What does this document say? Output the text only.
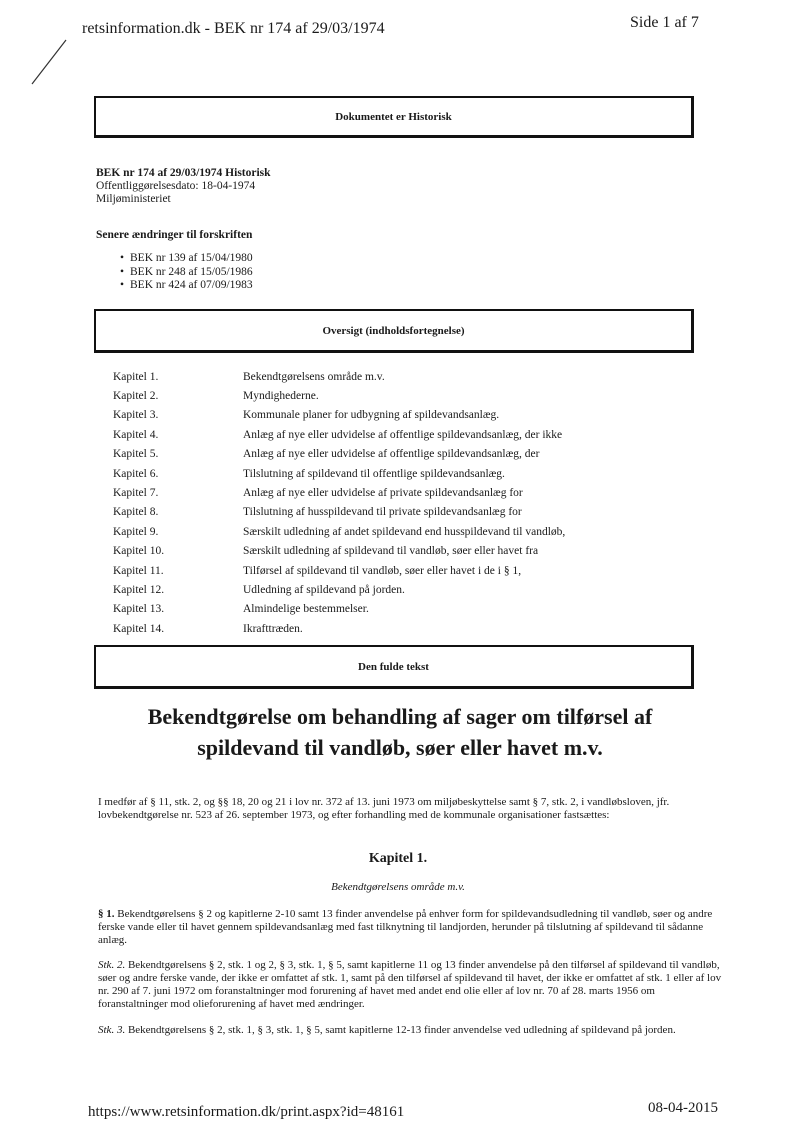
retsinformation.dk - BEK nr 174 af 29/03/1974	Side 1 af 7
Dokumentet er Historisk
BEK nr 174 af 29/03/1974 Historisk
Offentliggørelsesdato: 18-04-1974
Miljøministeriet
Senere ændringer til forskriften
• BEK nr 139 af 15/04/1980
• BEK nr 248 af 15/05/1986
• BEK nr 424 af 07/09/1983
Oversigt (indholdsfortegnelse)
Kapitel 1.	Bekendtgørelsens område m.v.
Kapitel 2.	Myndighederne.
Kapitel 3.	Kommunale planer for udbygning af spildevandsanlæg.
Kapitel 4.	Anlæg af nye eller udvidelse af offentlige spildevandsanlæg, der ikke
Kapitel 5.	Anlæg af nye eller udvidelse af offentlige spildevandsanlæg, der
Kapitel 6.	Tilslutning af spildevand til offentlige spildevandsanlæg.
Kapitel 7.	Anlæg af nye eller udvidelse af private spildevandsanlæg for
Kapitel 8.	Tilslutning af husspildevand til private spildevandsanlæg for
Kapitel 9.	Særskilt udledning af andet spildevand end husspildevand til vandløb,
Kapitel 10.	Særskilt udledning af spildevand til vandløb, søer eller havet fra
Kapitel 11.	Tilførsel af spildevand til vandløb, søer eller havet i de i § 1,
Kapitel 12.	Udledning af spildevand på jorden.
Kapitel 13.	Almindelige bestemmelser.
Kapitel 14.	Ikrafttræden.
Den fulde tekst
Bekendtgørelse om behandling af sager om tilførsel af spildevand til vandløb, søer eller havet m.v.
I medfør af § 11, stk. 2, og §§ 18, 20 og 21 i lov nr. 372 af 13. juni 1973 om miljøbeskyttelse samt § 7, stk. 2, i vandløbsloven, jfr. lovbekendtgørelse nr. 523 af 26. september 1973, og efter forhandling med de kommunale organisationer fastsættes:
Kapitel 1.
Bekendtgørelsens område m.v.
§ 1. Bekendtgørelsens § 2 og kapitlerne 2-10 samt 13 finder anvendelse på enhver form for spildevandsudledning til vandløb, søer og andre ferske vande eller til havet gennem spildevandsanlæg med fast tilknytning til landjorden, herunder på tilslutning af spildevand til sådanne anlæg.
Stk. 2. Bekendtgørelsens § 2, stk. 1 og 2, § 3, stk. 1, § 5, samt kapitlerne 11 og 13 finder anvendelse på den tilførsel af spildevand til vandløb, søer og andre ferske vande, der ikke er omfattet af stk. 1, samt på den tilførsel af spildevand til havet, der ikke er omfattet af stk. 1 eller af lov nr. 290 af 7. juni 1972 om foranstaltninger mod forurening af havet med andet end olie eller af lov nr. 70 af 28. marts 1956 om foranstaltninger mod olieforurening af havet med ændringer.
Stk. 3. Bekendtgørelsens § 2, stk. 1, § 3, stk. 1, § 5, samt kapitlerne 12-13 finder anvendelse ved udledning af spildevand på jorden.
https://www.retsinformation.dk/print.aspx?id=48161	08-04-2015
